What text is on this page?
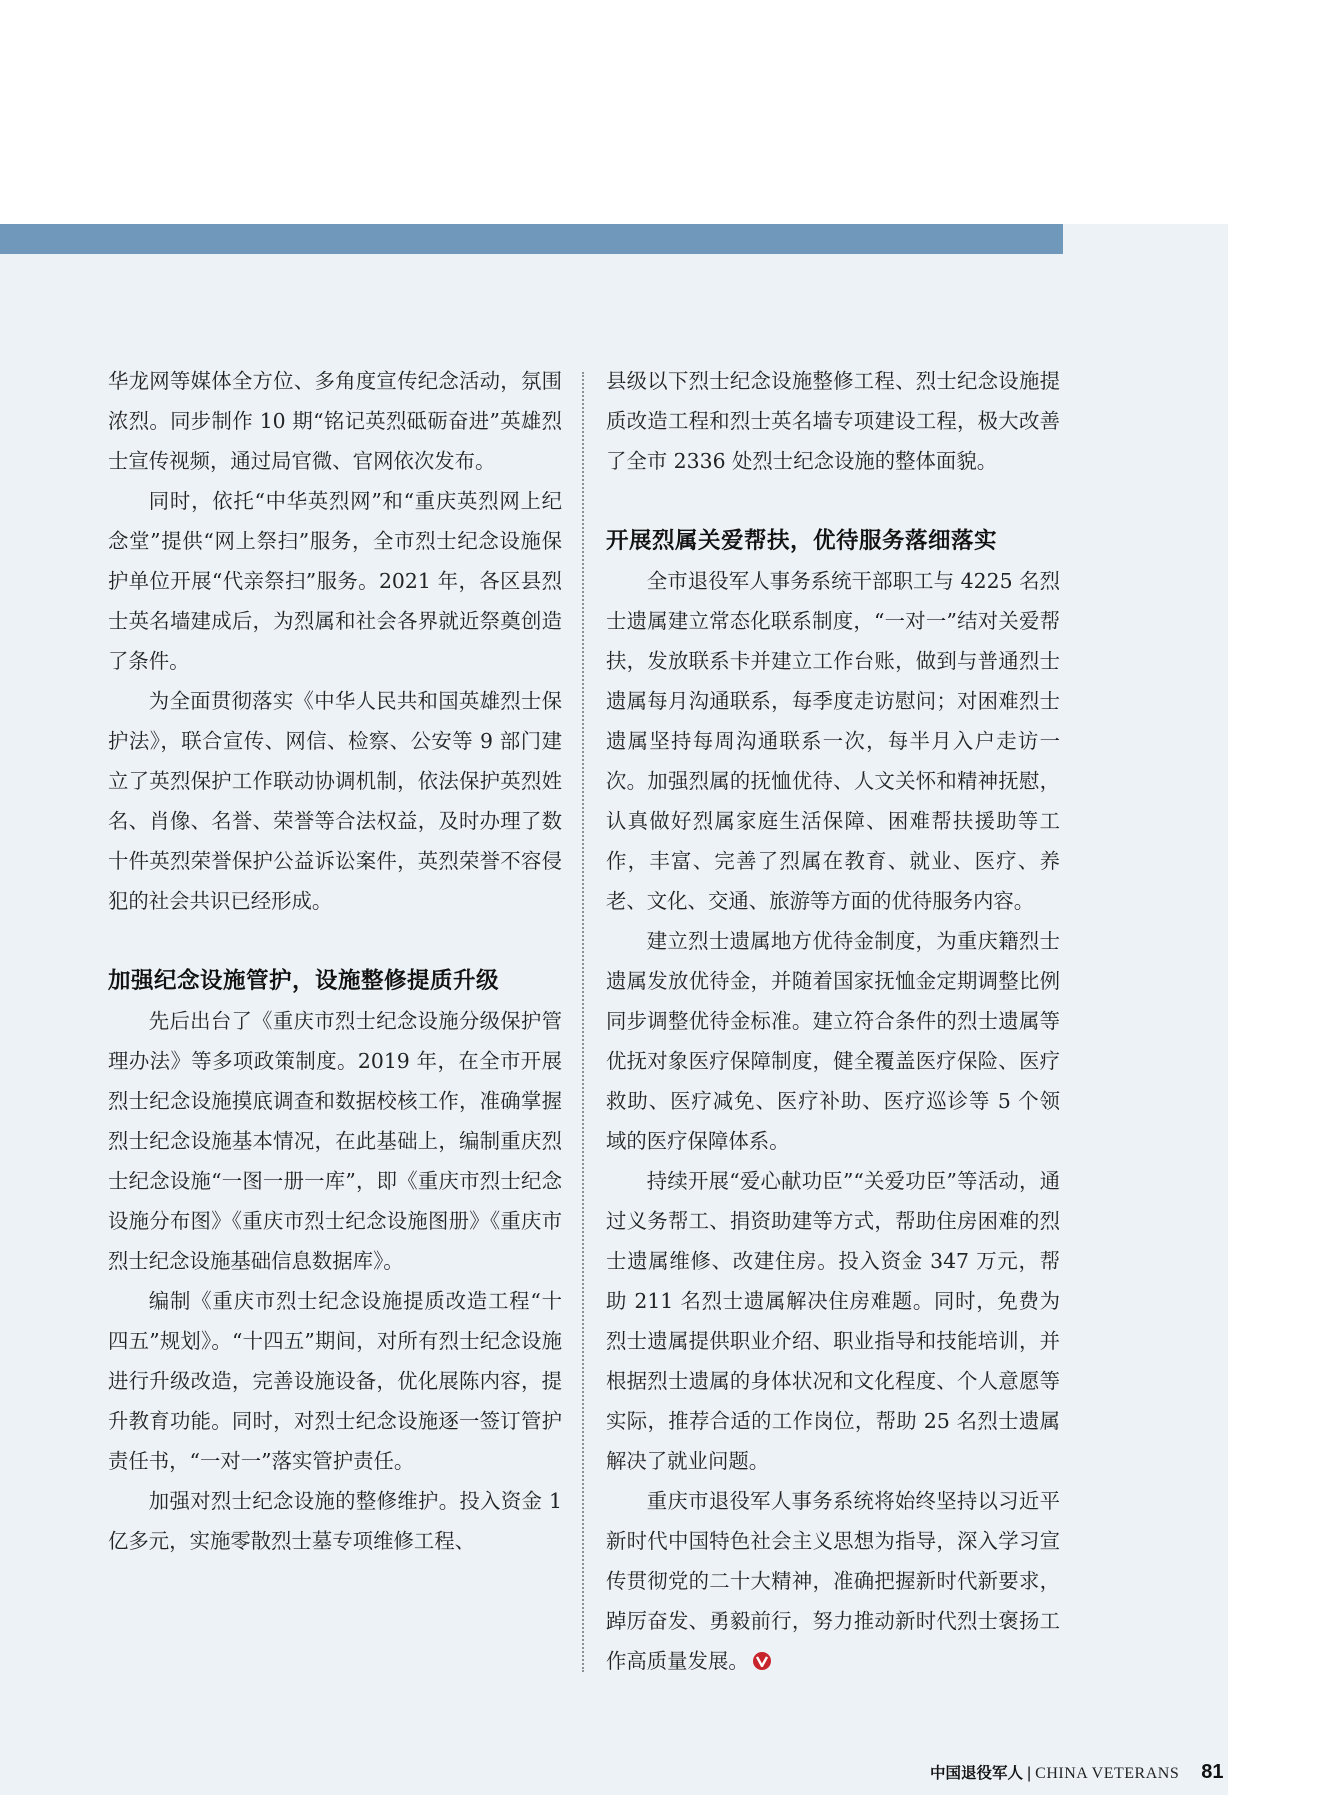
华龙网等媒体全方位、多角度宣传纪念活动，氛围浓烈。同步制作 10 期“铭记英烈砥砺奋进”英雄烈士宣传视频，通过局官微、官网依次发布。

同时，依托“中华英烈网”和“重庆英烈网上纪念堂”提供“网上祭扫”服务，全市烈士纪念设施保护单位开展“代亲祭扫”服务。2021 年，各区县烈士英名墙建成后，为烈属和社会各界就近祭奠创造了条件。

为全面贯彻落实《中华人民共和国英雄烈士保护法》，联合宣传、网信、检察、公安等 9 部门建立了英烈保护工作联动协调机制，依法保护英烈姓名、肖像、名誉、荣誉等合法权益，及时办理了数十件英烈荣誉保护公益诉讼案件，英烈荣誉不容侵犯的社会共识已经形成。

加强纪念设施管护，设施整修提质升级

先后出台了《重庆市烈士纪念设施分级保护管理办法》等多项政策制度。2019 年，在全市开展烈士纪念设施摸底调查和数据校核工作，准确掌握烈士纪念设施基本情况，在此基础上，编制重庆烈士纪念设施“一图一册一库”，即《重庆市烈士纪念设施分布图》《重庆市烈士纪念设施图册》《重庆市烈士纪念设施基础信息数据库》。

编制《重庆市烈士纪念设施提质改造工程“十四五”规划》。“十四五”期间，对所有烈士纪念设施进行升级改造，完善设施设备，优化展陈内容，提升教育功能。同时，对烈士纪念设施逐一签订管护责任书，“一对一”落实管护责任。

加强对烈士纪念设施的整修维护。投入资金 1 亿多元，实施零散烈士墓专项维修工程、

县级以下烈士纪念设施整修工程、烈士纪念设施提质改造工程和烈士英名墙专项建设工程，极大改善了全市 2336 处烈士纪念设施的整体面貌。

开展烈属关爱帮扶，优待服务落细落实

全市退役军人事务系统干部职工与 4225 名烈士遗属建立常态化联系制度，“一对一”结对关爱帮扶，发放联系卡并建立工作台账，做到与普通烈士遗属每月沟通联系，每季度走访慰问；对困难烈士遗属坚持每周沟通联系一次，每半月入户走访一次。加强烈属的抚恤优待、人文关怀和精神抚慰，认真做好烈属家庭生活保障、困难帮扶援助等工作，丰富、完善了烈属在教育、就业、医疗、养老、文化、交通、旅游等方面的优待服务内容。

建立烈士遗属地方优待金制度，为重庆籍烈士遗属发放优待金，并随着国家抚恤金定期调整比例同步调整优待金标准。建立符合条件的烈士遗属等优抚对象医疗保障制度，健全覆盖医疗保险、医疗救助、医疗减免、医疗补助、医疗巡诊等 5 个领域的医疗保障体系。

持续开展“爱心献功臣”“关爱功臣”等活动，通过义务帮工、捐资助建等方式，帮助住房困难的烈士遗属维修、改建住房。投入资金 347 万元，帮助 211 名烈士遗属解决住房难题。同时，免费为烈士遗属提供职业介绍、职业指导和技能培训，并根据烈士遗属的身体状况和文化程度、个人意愿等实际，推荐合适的工作岗位，帮助 25 名烈士遗属解决了就业问题。

重庆市退役军人事务系统将始终坚持以习近平新时代中国特色社会主义思想为指导，深入学习宣传贯彻党的二十大精神，准确把握新时代新要求，踔厉奋发、勇毅前行，努力推动新时代烈士褒扬工作高质量发展。

中国退役军人 | CHINA VETERANS 81
